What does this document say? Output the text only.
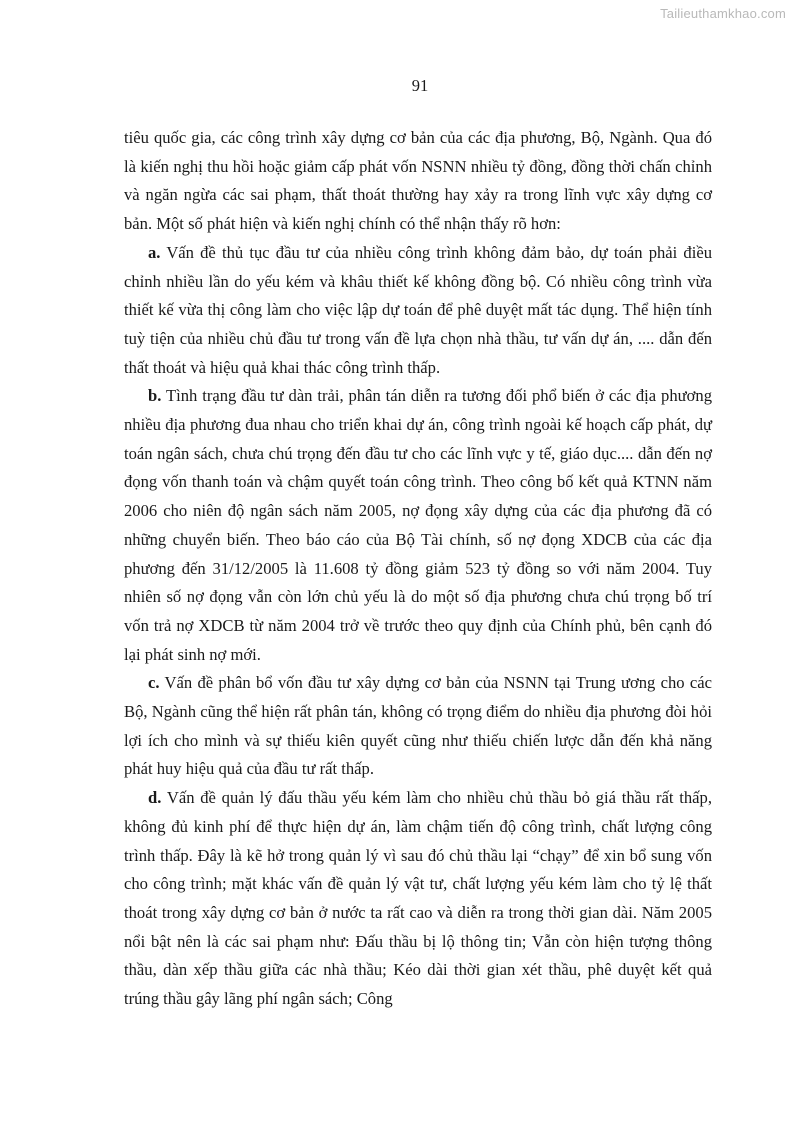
Tailieuthamkhao.com
91

tiêu quốc gia, các công trình xây dựng cơ bản của các địa phương, Bộ, Ngành. Qua đó là kiến nghị thu hồi hoặc giảm cấp phát vốn NSNN nhiều tỷ đồng, đồng thời chấn chỉnh và ngăn ngừa các sai phạm, thất thoát thường hay xảy ra trong lĩnh vực xây dựng cơ bản. Một số phát hiện và kiến nghị chính có thể nhận thấy rõ hơn:

a. Vấn đề thủ tục đầu tư của nhiều công trình không đảm bảo, dự toán phải điều chỉnh nhiều lần do yếu kém và khâu thiết kế không đồng bộ. Có nhiều công trình vừa thiết kế vừa thị công làm cho việc lập dự toán để phê duyệt mất tác dụng. Thể hiện tính tuỳ tiện của nhiều chủ đầu tư trong vấn đề lựa chọn nhà thầu, tư vấn dự án, .... dẫn đến thất thoát và hiệu quả khai thác công trình thấp.

b. Tình trạng đầu tư dàn trải, phân tán diễn ra tương đối phổ biến ở các địa phương nhiều địa phương đua nhau cho triển khai dự án, công trình ngoài kế hoạch cấp phát, dự toán ngân sách, chưa chú trọng đến đầu tư cho các lĩnh vực y tế, giáo dục.... dẫn đến nợ đọng vốn thanh toán và chậm quyết toán công trình. Theo công bố kết quả KTNN năm 2006 cho niên độ ngân sách năm 2005, nợ đọng xây dựng của các địa phương đã có những chuyển biến. Theo báo cáo của Bộ Tài chính, số nợ đọng XDCB của các địa phương đến 31/12/2005 là 11.608 tỷ đồng giảm 523 tỷ đồng so với năm 2004. Tuy nhiên số nợ đọng vẫn còn lớn chủ yếu là do một số địa phương chưa chú trọng bố trí vốn trả nợ XDCB từ năm 2004 trở về trước theo quy định của Chính phủ, bên cạnh đó lại phát sinh nợ mới.

c. Vấn đề phân bổ vốn đầu tư xây dựng cơ bản của NSNN tại Trung ương cho các Bộ, Ngành cũng thể hiện rất phân tán, không có trọng điểm do nhiều địa phương đòi hỏi lợi ích cho mình và sự thiếu kiên quyết cũng như thiếu chiến lược dẫn đến khả năng phát huy hiệu quả của đầu tư rất thấp.

d. Vấn đề quản lý đấu thầu yếu kém làm cho nhiều chủ thầu bỏ giá thầu rất thấp, không đủ kinh phí để thực hiện dự án, làm chậm tiến độ công trình, chất lượng công trình thấp. Đây là kẽ hở trong quản lý vì sau đó chủ thầu lại “chạy” để xin bổ sung vốn cho công trình; mặt khác vấn đề quản lý vật tư, chất lượng yếu kém làm cho tỷ lệ thất thoát trong xây dựng cơ bản ở nước ta rất cao và diễn ra trong thời gian dài. Năm 2005 nổi bật nên là các sai phạm như: Đấu thầu bị lộ thông tin; Vẫn còn hiện tượng thông thầu, dàn xếp thầu giữa các nhà thầu; Kéo dài thời gian xét thầu, phê duyệt kết quả trúng thầu gây lãng phí ngân sách; Công
